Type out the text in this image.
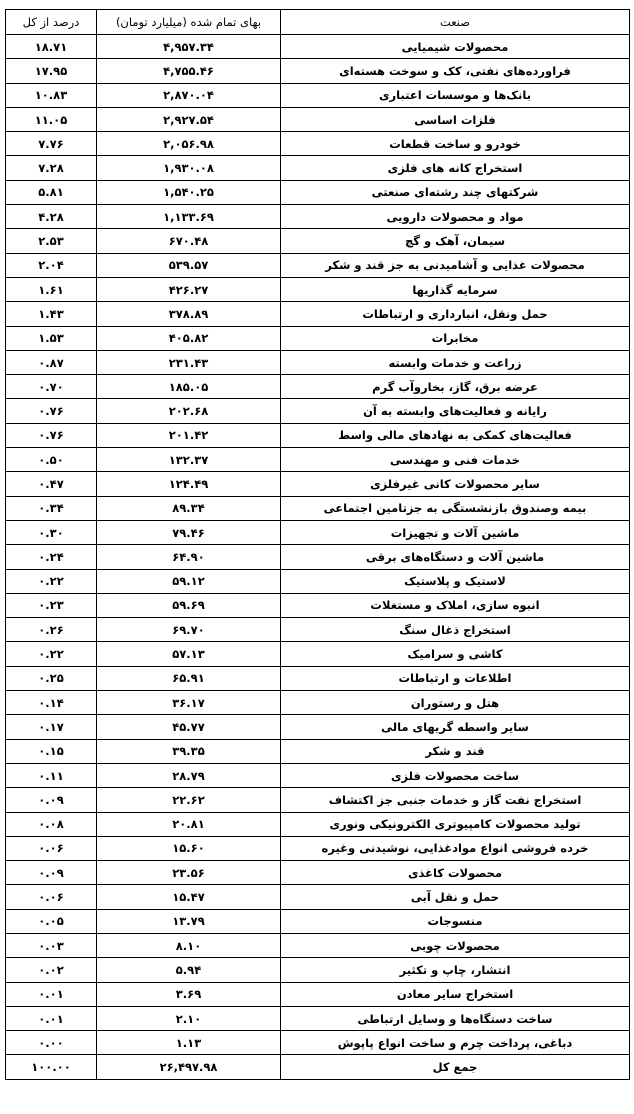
صنعت	بهای تمام شده (میلیارد تومان)	درصد از کل
محصولات شیمیایی	۴,۹۵۷.۳۴	۱۸.۷۱
فراورده‌های نفتی، کک و سوخت هسته‌ای	۴,۷۵۵.۴۶	۱۷.۹۵
بانک‌ها و موسسات اعتباری	۲,۸۷۰.۰۴	۱۰.۸۳
فلزات اساسی	۲,۹۲۷.۵۴	۱۱.۰۵
خودرو و ساخت قطعات	۲,۰۵۶.۹۸	۷.۷۶
استخراج کانه های فلزی	۱,۹۳۰.۰۸	۷.۲۸
شرکتهای چند رشته‌ای صنعتی	۱,۵۴۰.۲۵	۵.۸۱
مواد و محصولات دارویی	۱,۱۳۳.۶۹	۴.۲۸
سیمان، آهک و گچ	۶۷۰.۴۸	۲.۵۳
محصولات غذایی و آشامیدنی به جز قند و شکر	۵۳۹.۵۷	۲.۰۴
سرمایه گذاریها	۴۲۶.۲۷	۱.۶۱
حمل ونقل، انبارداری و ارتباطات	۳۷۸.۸۹	۱.۴۳
مخابرات	۴۰۵.۸۲	۱.۵۳
زراعت و خدمات وابسته	۲۳۱.۴۳	۰.۸۷
عرضه برق، گاز، بخاروآب گرم	۱۸۵.۰۵	۰.۷۰
رایانه و فعالیت‌های وابسته به آن	۲۰۲.۶۸	۰.۷۶
فعالیت‌های کمکی به نهادهای مالی واسط	۲۰۱.۴۲	۰.۷۶
خدمات فنی و مهندسی	۱۳۲.۳۷	۰.۵۰
سایر محصولات کانی غیرفلزی	۱۲۴.۴۹	۰.۴۷
بیمه وصندوق بازنشستگی به جزتامین اجتماعی	۸۹.۳۴	۰.۳۴
ماشین آلات و تجهیزات	۷۹.۴۶	۰.۳۰
ماشین آلات و دستگاه‌های برقی	۶۴.۹۰	۰.۲۴
لاستیک و پلاستیک	۵۹.۱۲	۰.۲۲
انبوه سازی، املاک و مستغلات	۵۹.۶۹	۰.۲۳
استخراج ذغال سنگ	۶۹.۷۰	۰.۲۶
کاشی و سرامیک	۵۷.۱۳	۰.۲۲
اطلاعات و ارتباطات	۶۵.۹۱	۰.۲۵
هتل و رستوران	۳۶.۱۷	۰.۱۴
سایر واسطه گریهای مالی	۴۵.۷۷	۰.۱۷
قند و شکر	۳۹.۳۵	۰.۱۵
ساخت محصولات فلزی	۲۸.۷۹	۰.۱۱
استخراج نفت گاز و خدمات جنبی جز اکتشاف	۲۲.۶۲	۰.۰۹
تولید محصولات کامپیوتری الکترونیکی ونوری	۲۰.۸۱	۰.۰۸
خرده فروشی انواع موادغذایی، نوشیدنی وغیره	۱۵.۶۰	۰.۰۶
محصولات کاغذی	۲۳.۵۶	۰.۰۹
حمل و نقل آبی	۱۵.۴۷	۰.۰۶
منسوجات	۱۳.۷۹	۰.۰۵
محصولات چوبی	۸.۱۰	۰.۰۳
انتشار، چاپ و تکثیر	۵.۹۴	۰.۰۲
استخراج سایر معادن	۳.۶۹	۰.۰۱
ساخت دستگاه‌ها و وسایل ارتباطی	۲.۱۰	۰.۰۱
دباغی، پرداخت چرم و ساخت انواع پاپوش	۱.۱۳	۰.۰۰
جمع کل	۲۶,۴۹۷.۹۸	۱۰۰.۰۰
